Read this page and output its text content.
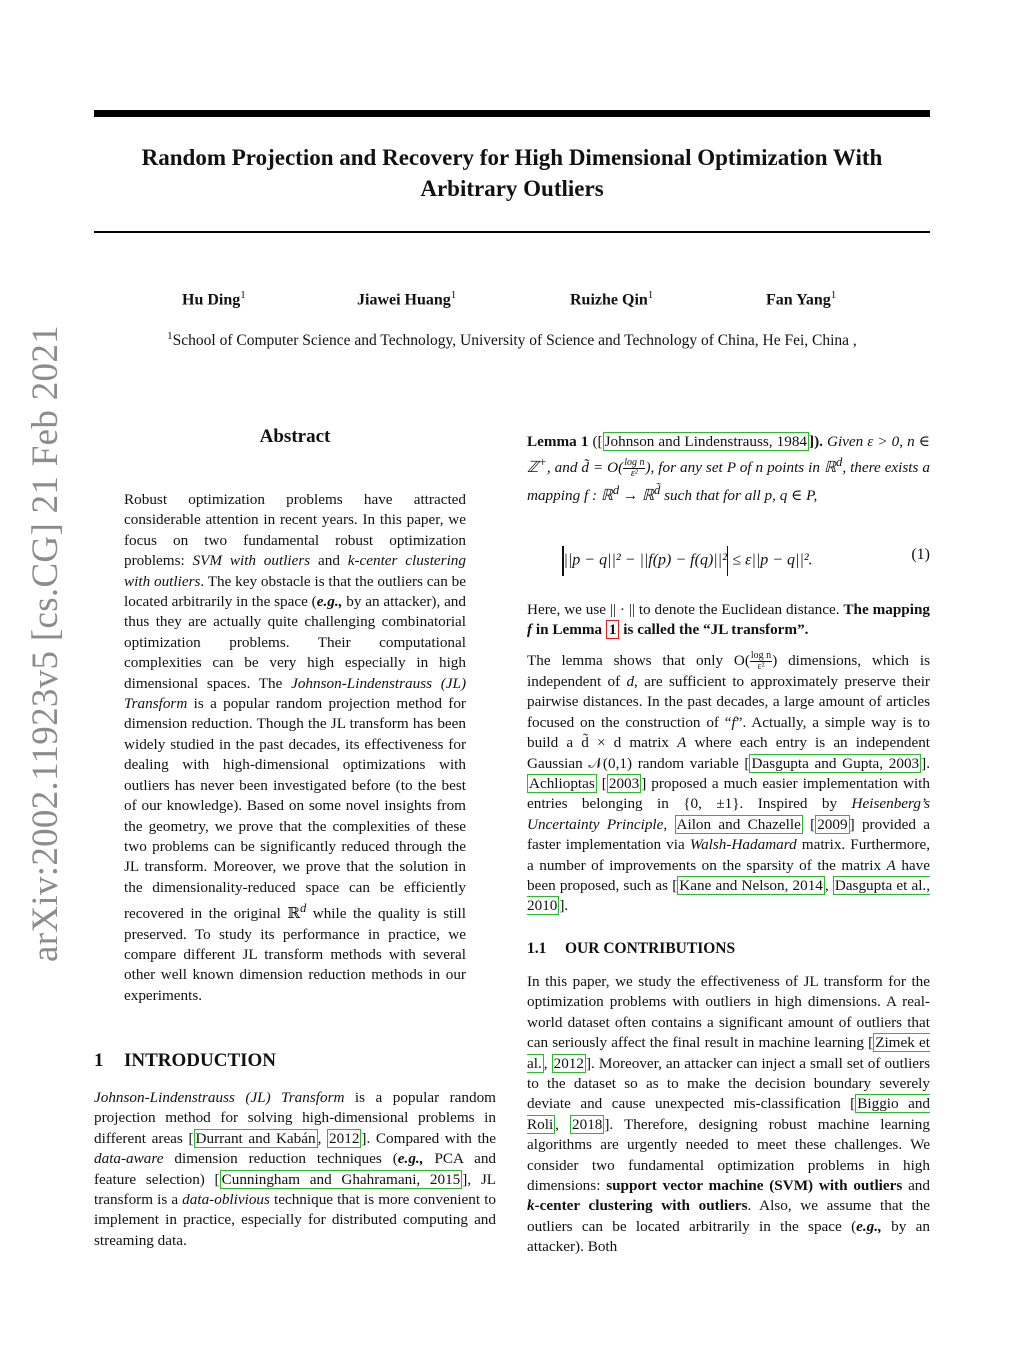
Random Projection and Recovery for High Dimensional Optimization With Arbitrary Outliers
Hu Ding$^1$	Jiawei Huang$^1$	Ruizhe Qin$^1$	Fan Yang$^1$
$^1$School of Computer Science and Technology, University of Science and Technology of China, He Fei, China ,
arXiv:2002.11923v5 [cs.CG] 21 Feb 2021	Abstract
Robust optimization problems have attracted considerable attention in recent years. In this paper, we focus on two fundamental robust optimization problems: SVM with outliers and k-center clustering with outliers. The key obstacle is that the outliers can be located arbitrarily in the space (e.g., by an attacker), and thus they are actually quite challenging combinatorial optimization problems. Their computational complexities can be very high especially in high dimensional spaces. The Johnson-Lindenstrauss (JL) Transform is a popular random projection method for dimension reduction. Though the JL transform has been widely studied in the past decades, its effectiveness for dealing with high-dimensional optimizations with outliers has never been investigated before (to the best of our knowledge). Based on some novel insights from the geometry, we prove that the complexities of these two problems can be significantly reduced through the JL transform. Moreover, we prove that the solution in the dimensionality-reduced space can be efficiently recovered in the original ℝ$^d$ while the quality is still preserved. To study its performance in practice, we compare different JL transform methods with several other well known dimension reduction methods in our experiments.
1 INTRODUCTION
Johnson-Lindenstrauss (JL) Transform is a popular random projection method for solving high-dimensional problems in different areas [ Durrant and Kabán , 2012 ]. Compared with the data-aware dimension reduction techniques (e.g., PCA and feature selection) [ Cunningham and Ghahramani, 2015 ], JL transform is a data-oblivious technique that is more convenient to implement in practice, especially for distributed computing and streaming data.
Lemma 1 ([ Johnson and Lindenstrauss, 1984 ]). Given ε > 0, n ∈ ℤ+, and d̃ = $O( \frac{\text{log n}}{\text{ε²}}$ ), for any set P of n points in ℝ$^d$, there exists a mapping f : ℝ$^d$ → ℝ$^{d̃}$ such that for all p, q ∈ P,
||p − q||² − ||f(p) − f(q)||² ≤ ε||p − q||².	(1)
Here, we use || · || to denote the Euclidean distance. The mapping f in Lemma 1 is called the “JL transform”.
The lemma shows that only $O( \frac{\text{log n}}{\text{ε²}}$ ) dimensions, which is independent of d, are sufficient to approximately preserve their pairwise distances. In the past decades, a large amount of articles focused on the construction of “f”. Actually, a simple way is to build a d̃ × d matrix A where each entry is an independent Gaussian 𝒩(0,1) random variable [ Dasgupta and Gupta, 2003 ]. Achlioptas [ 2003 ] proposed a much easier implementation with entries belonging in {0, ±1}. Inspired by Heisenberg’s Uncertainty Principle, Ailon and Chazelle [ 2009 ] provided a faster implementation via Walsh-Hadamard matrix. Furthermore, a number of improvements on the sparsity of the matrix A have been proposed, such as [ Kane and Nelson, 2014 , Dasgupta et al., 2010 ].
1.1 OUR CONTRIBUTIONS
In this paper, we study the effectiveness of JL transform for the optimization problems with outliers in high dimensions. A real-world dataset often contains a significant amount of outliers that can seriously affect the final result in machine learning [ Zimek et al. , 2012 ]. Moreover, an attacker can inject a small set of outliers to the dataset so as to make the decision boundary severely deviate and cause unexpected mis-classification [ Biggio and Roli , 2018 ]. Therefore, designing robust machine learning algorithms are urgently needed to meet these challenges. We consider two fundamental optimization problems in high dimensions: support vector machine (SVM) with outliers and k-center clustering with outliers. Also, we assume that the outliers can be located arbitrarily in the space (e.g., by an attacker). Both
